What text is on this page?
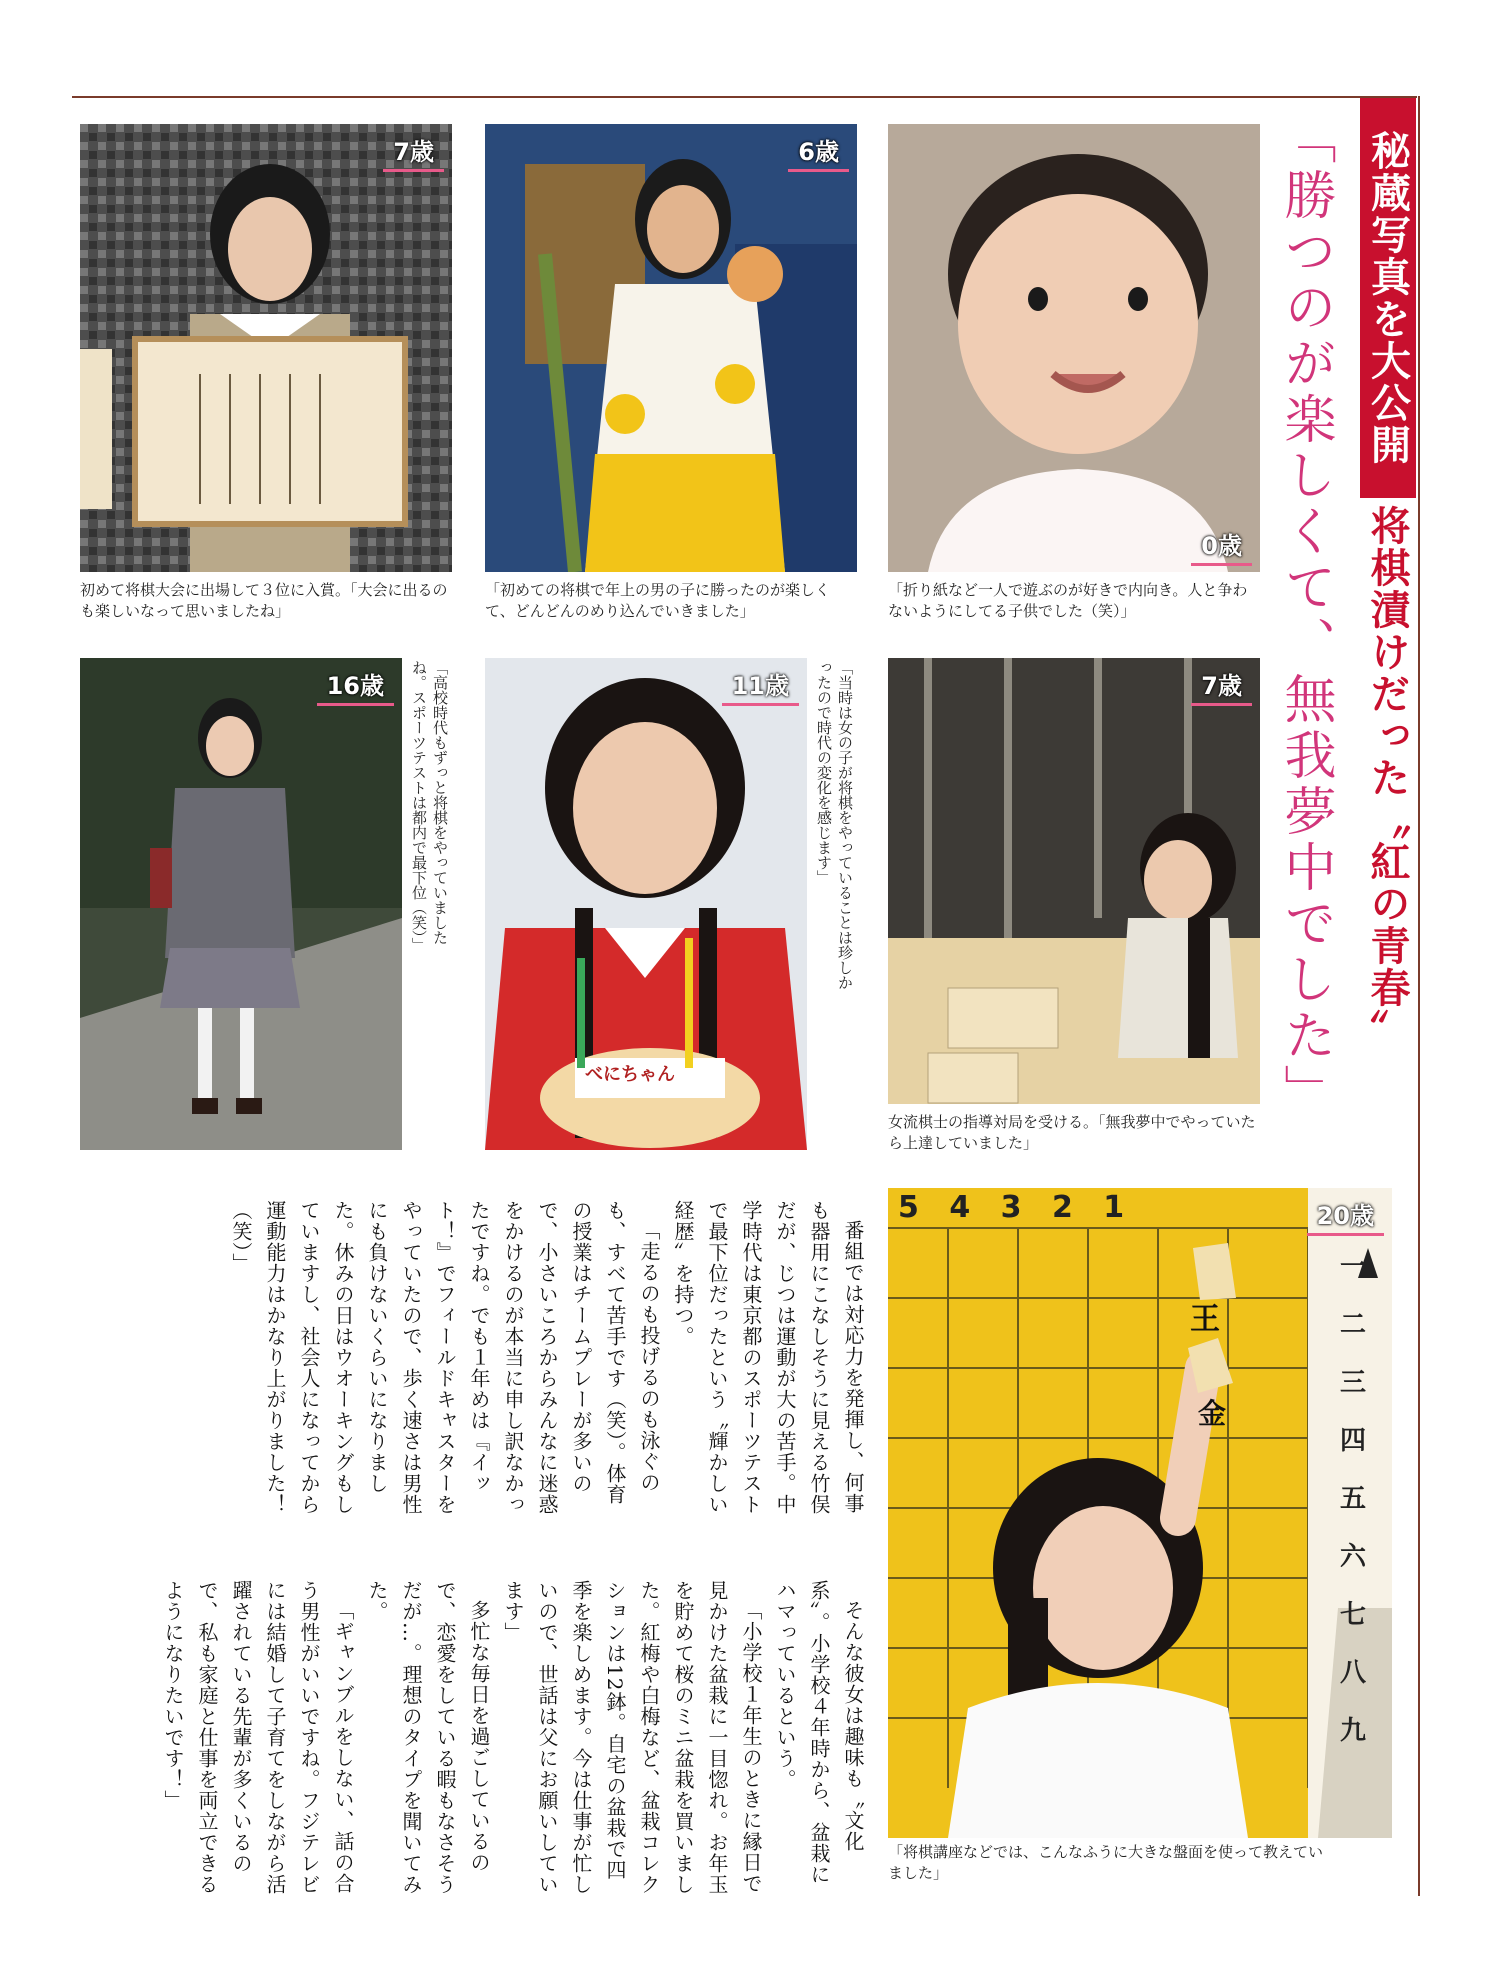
秘蔵写真を大公開
将棋漬けだった〝紅の青春〟
「勝つのが楽しくて、無我夢中でした」
7歳
初めて将棋大会に出場して３位に入賞。「大会に出るのも楽しいなって思いましたね」
6歳
「初めての将棋で年上の男の子に勝ったのが楽しくて、どんどんのめり込んでいきました」
0歳
「折り紙など一人で遊ぶのが好きで内向き。人と争わないようにしてる子供でした（笑）」
16歳	「高校時代もずっと将棋をやっていましたね。スポーツテストは都内で最下位（笑）」	11歳
べにちゃん
「当時は女の子が将棋をやっていることは珍しかったので時代の変化を感じます」	7歳
女流棋士の指導対局を受ける。「無我夢中でやっていたら上達していました」
20歳
5 4 3 2 1
王
金
一
二
三
四
五
六
七
八
九
「将棋講座などでは、こんなふうに大きな盤面を使って教えていました」

番組では対応力を発揮し、何事も器用にこなしそうに見える竹俣だが、じつは運動が大の苦手。中学時代は東京都のスポーツテストで最下位だったという〝輝かしい経歴〟を持つ。

「走るのも投げるのも泳ぐのも、すべて苦手です（笑）。体育の授業はチームプレーが多いので、小さいころからみんなに迷惑をかけるのが本当に申し訳なかったですね。でも１年めは『イット！』でフィールドキャスターをやっていたので、歩く速さは男性にも負けないくらいになりました。休みの日はウオーキングもしていますし、社会人になってから運動能力はかなり上がりました！（笑）」

そんな彼女は趣味も〝文化系〟。小学校４年時から、盆栽にハマっているという。

「小学校１年生のときに縁日で見かけた盆栽に一目惚れ。お年玉を貯めて桜のミニ盆栽を買いました。紅梅や白梅など、盆栽コレクションは12鉢。自宅の盆栽で四季を楽しめます。今は仕事が忙しいので、世話は父にお願いしています」

多忙な毎日を過ごしているので、恋愛をしている暇もなさそうだが…。理想のタイプを聞いてみた。

「ギャンブルをしない、話の合う男性がいいですね。フジテレビには結婚して子育てをしながら活躍されている先輩が多くいるので、私も家庭と仕事を両立できるようになりたいです！」
